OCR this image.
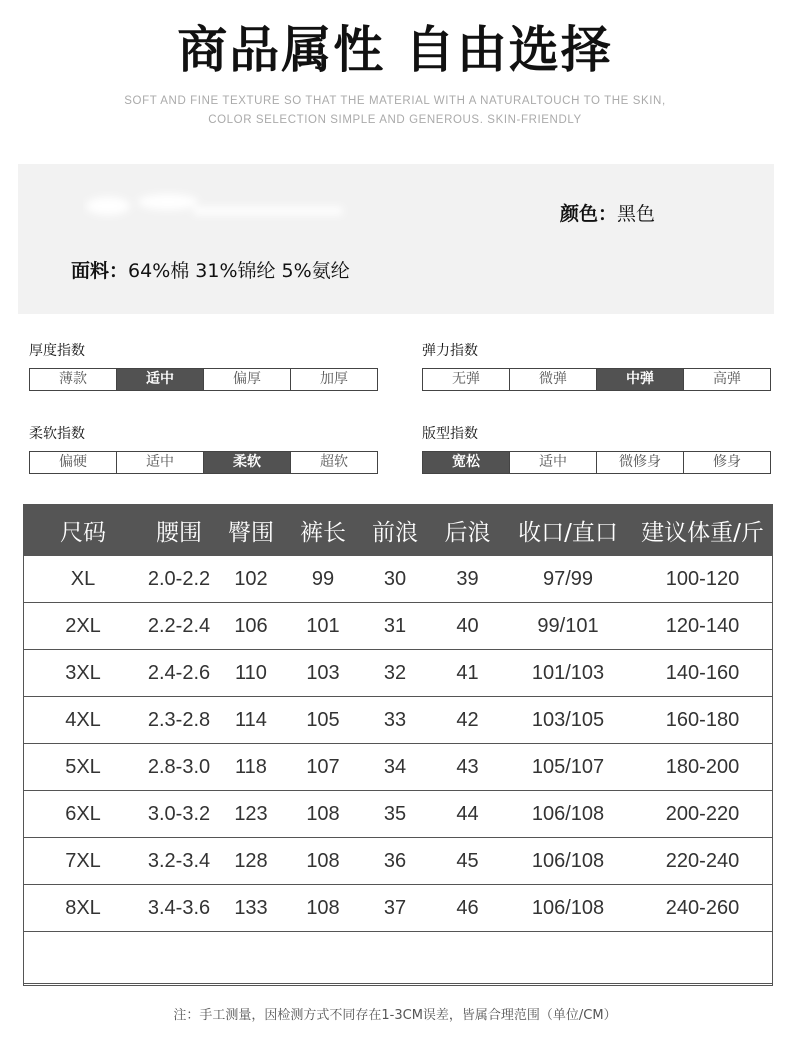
商品属性 自由选择
SOFT AND FINE TEXTURE SO THAT THE MATERIAL WITH A NATURALTOUCH TO THE SKIN,
COLOR SELECTION SIMPLE AND GENEROUS. SKIN-FRIENDLY
颜色：黑色
面料：64%棉 31%锦纶 5%氨纶
厚度指数
薄款	适中	偏厚	加厚
弹力指数
无弹	微弹	中弹	高弹
柔软指数
偏硬	适中	柔软	超软
版型指数
宽松	适中	微修身	修身
尺码	腰围	臀围	裤长	前浪	后浪	收口/直口	建议体重/斤
XL	2.0-2.2	102	99	30	39	97/99	100-120
2XL	2.2-2.4	106	101	31	40	99/101	120-140
3XL	2.4-2.6	110	103	32	41	101/103	140-160
4XL	2.3-2.8	114	105	33	42	103/105	160-180
5XL	2.8-3.0	118	107	34	43	105/107	180-200
6XL	3.0-3.2	123	108	35	44	106/108	200-220
7XL	3.2-3.4	128	108	36	45	106/108	220-240
8XL	3.4-3.6	133	108	37	46	106/108	240-260

注：手工测量，因检测方式不同存在1-3CM误差，皆属合理范围（单位/CM）
